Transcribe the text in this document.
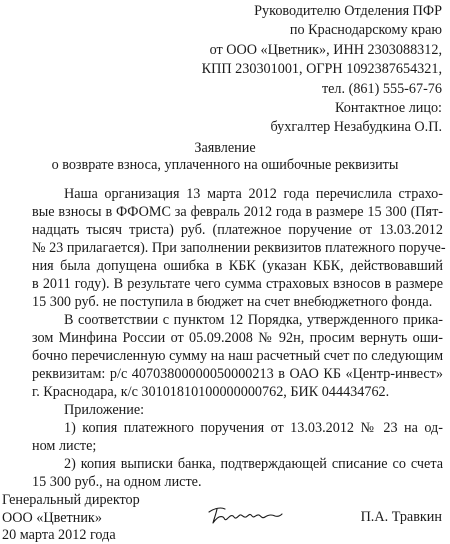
Руководителю Отделения ПФР
по Краснодарскому краю
от ООО «Цветник», ИНН 2303088312,
КПП 230301001, ОГРН 1092387654321,
тел. (861) 555-67-76
Контактное лицо:
бухгалтер Незабудкина О.П.
Заявление
о возврате взноса, уплаченного на ошибочные реквизиты
Наша организация 13 марта 2012 года перечислила страхо-
вые взносы в ФФОМС за февраль 2012 года в размере 15 300 (Пят-
надцать тысяч триста) руб. (платежное поручение от 13.03.2012
№ 23 прилагается). При заполнении реквизитов платежного поруче-
ния была допущена ошибка в КБК (указан КБК, действовавший
в 2011 году). В результате чего сумма страховых взносов в размере
15 300 руб. не поступила в бюджет на счет внебюджетного фонда.
В соответствии с пунктом 12 Порядка, утвержденного прика-
зом Минфина России от 05.09.2008 № 92н, просим вернуть оши-
бочно перечисленную сумму на наш расчетный счет по следующим
реквизитам: р/с 40703800000050000213 в ОАО КБ «Центр-инвест»
г. Краснодара, к/с 30101810100000000762, БИК 044434762.
Приложение:
1) копия платежного поручения от 13.03.2012 № 23 на од-
ном листе;
2) копия выписки банка, подтверждающей списание со счета
15 300 руб., на одном листе.
Генеральный директор
ООО «Цветник»
20 марта 2012 года
П.А. Травкин
